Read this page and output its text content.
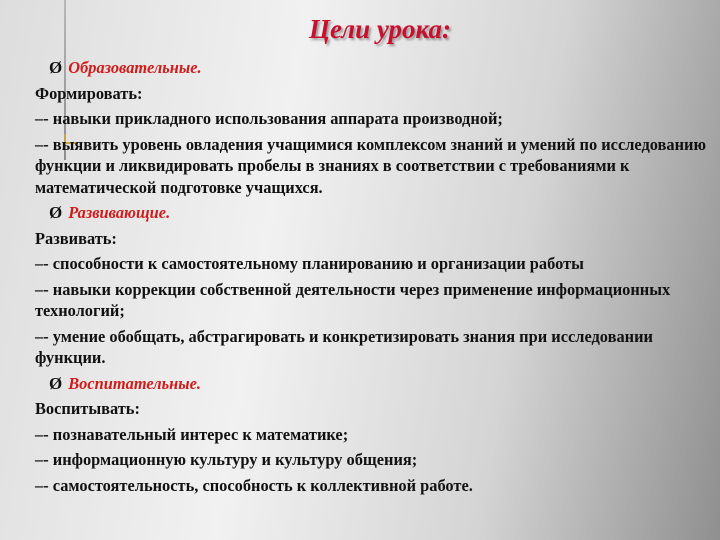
Цели урока:
Ø Образовательные.
Формировать:
–- навыки прикладного использования аппарата производной;
–- выявить уровень овладения учащимися комплексом знаний и умений по исследованию функции и ликвидировать пробелы в знаниях в соответствии с требованиями к математической подготовке учащихся.
Ø Развивающие.
Развивать:
–- способности к самостоятельному планированию и организации работы
–- навыки коррекции собственной деятельности через применение информационных технологий;
–- умение обобщать, абстрагировать и конкретизировать знания при исследовании функции.
Ø Воспитательные.
Воспитывать:
–- познавательный интерес к математике;
–- информационную культуру и культуру общения;
–- самостоятельность, способность к коллективной работе.
